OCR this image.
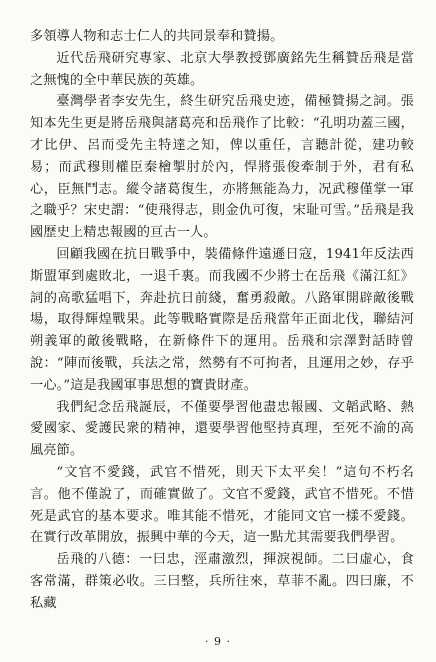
多領導人物和志士仁人的共同景奉和贊揚。

近代岳飛研究專家、北京大學教授鄧廣銘先生稱贊岳飛是當之無愧的全中華民族的英雄。

臺灣學者李安先生，終生研究岳飛史迹，備極贊揚之詞。張知本先生更是將岳飛與諸葛亮和岳飛作了比較：“孔明功蓋三國，才比伊、呂而受先主特達之知，俾以重任，言聽計從，建功較易；而武穆則權臣秦檜掣肘於內，悍將張俊牽制于外，君有私心，臣無鬥志。縱令諸葛復生，亦將無能為力，况武穆僅掌一軍之職乎？宋史謂：“使飛得志，則金仇可復，宋耻可雪。”岳飛是我國歷史上精忠報國的亘古一人。

回顧我國在抗日戰爭中，裝備條件遠遜日寇，1941年反法西斯盟軍到處敗北，一退千裏。而我國不少將士在岳飛《滿江紅》詞的高歌猛唱下，奔赴抗日前綫，奮勇殺敵。八路軍開辟敵後戰場，取得輝煌戰果。此等戰略實際是岳飛當年正面北伐，聯結河朔義軍的敵後戰略，在新條件下的運用。岳飛和宗澤對話時曾說：“陣而後戰，兵法之常，然勢有不可拘者，且運用之妙，存乎一心。”這是我國軍事思想的寶貴財產。

我們紀念岳飛誕辰，不僅要學習他盡忠報國、文韜武略、熱愛國家、愛護民衆的精神，還要學習他堅持真理，至死不渝的高風亮節。

“文官不愛錢，武官不惜死，則天下太平矣！”這句不朽名言。他不僅說了，而確實做了。文官不愛錢，武官不惜死。不惜死是武官的基本要求。唯其能不惜死，才能同文官一樣不愛錢。在實行改革開放，振興中華的今天，這一點尤其需要我們學習。

岳飛的八德：一曰忠，涇肅激烈，揮淚視師。二曰虛心，食客常滿，群策必收。三曰整，兵所往來，草菲不亂。四曰廉，不私藏

· 9 ·
